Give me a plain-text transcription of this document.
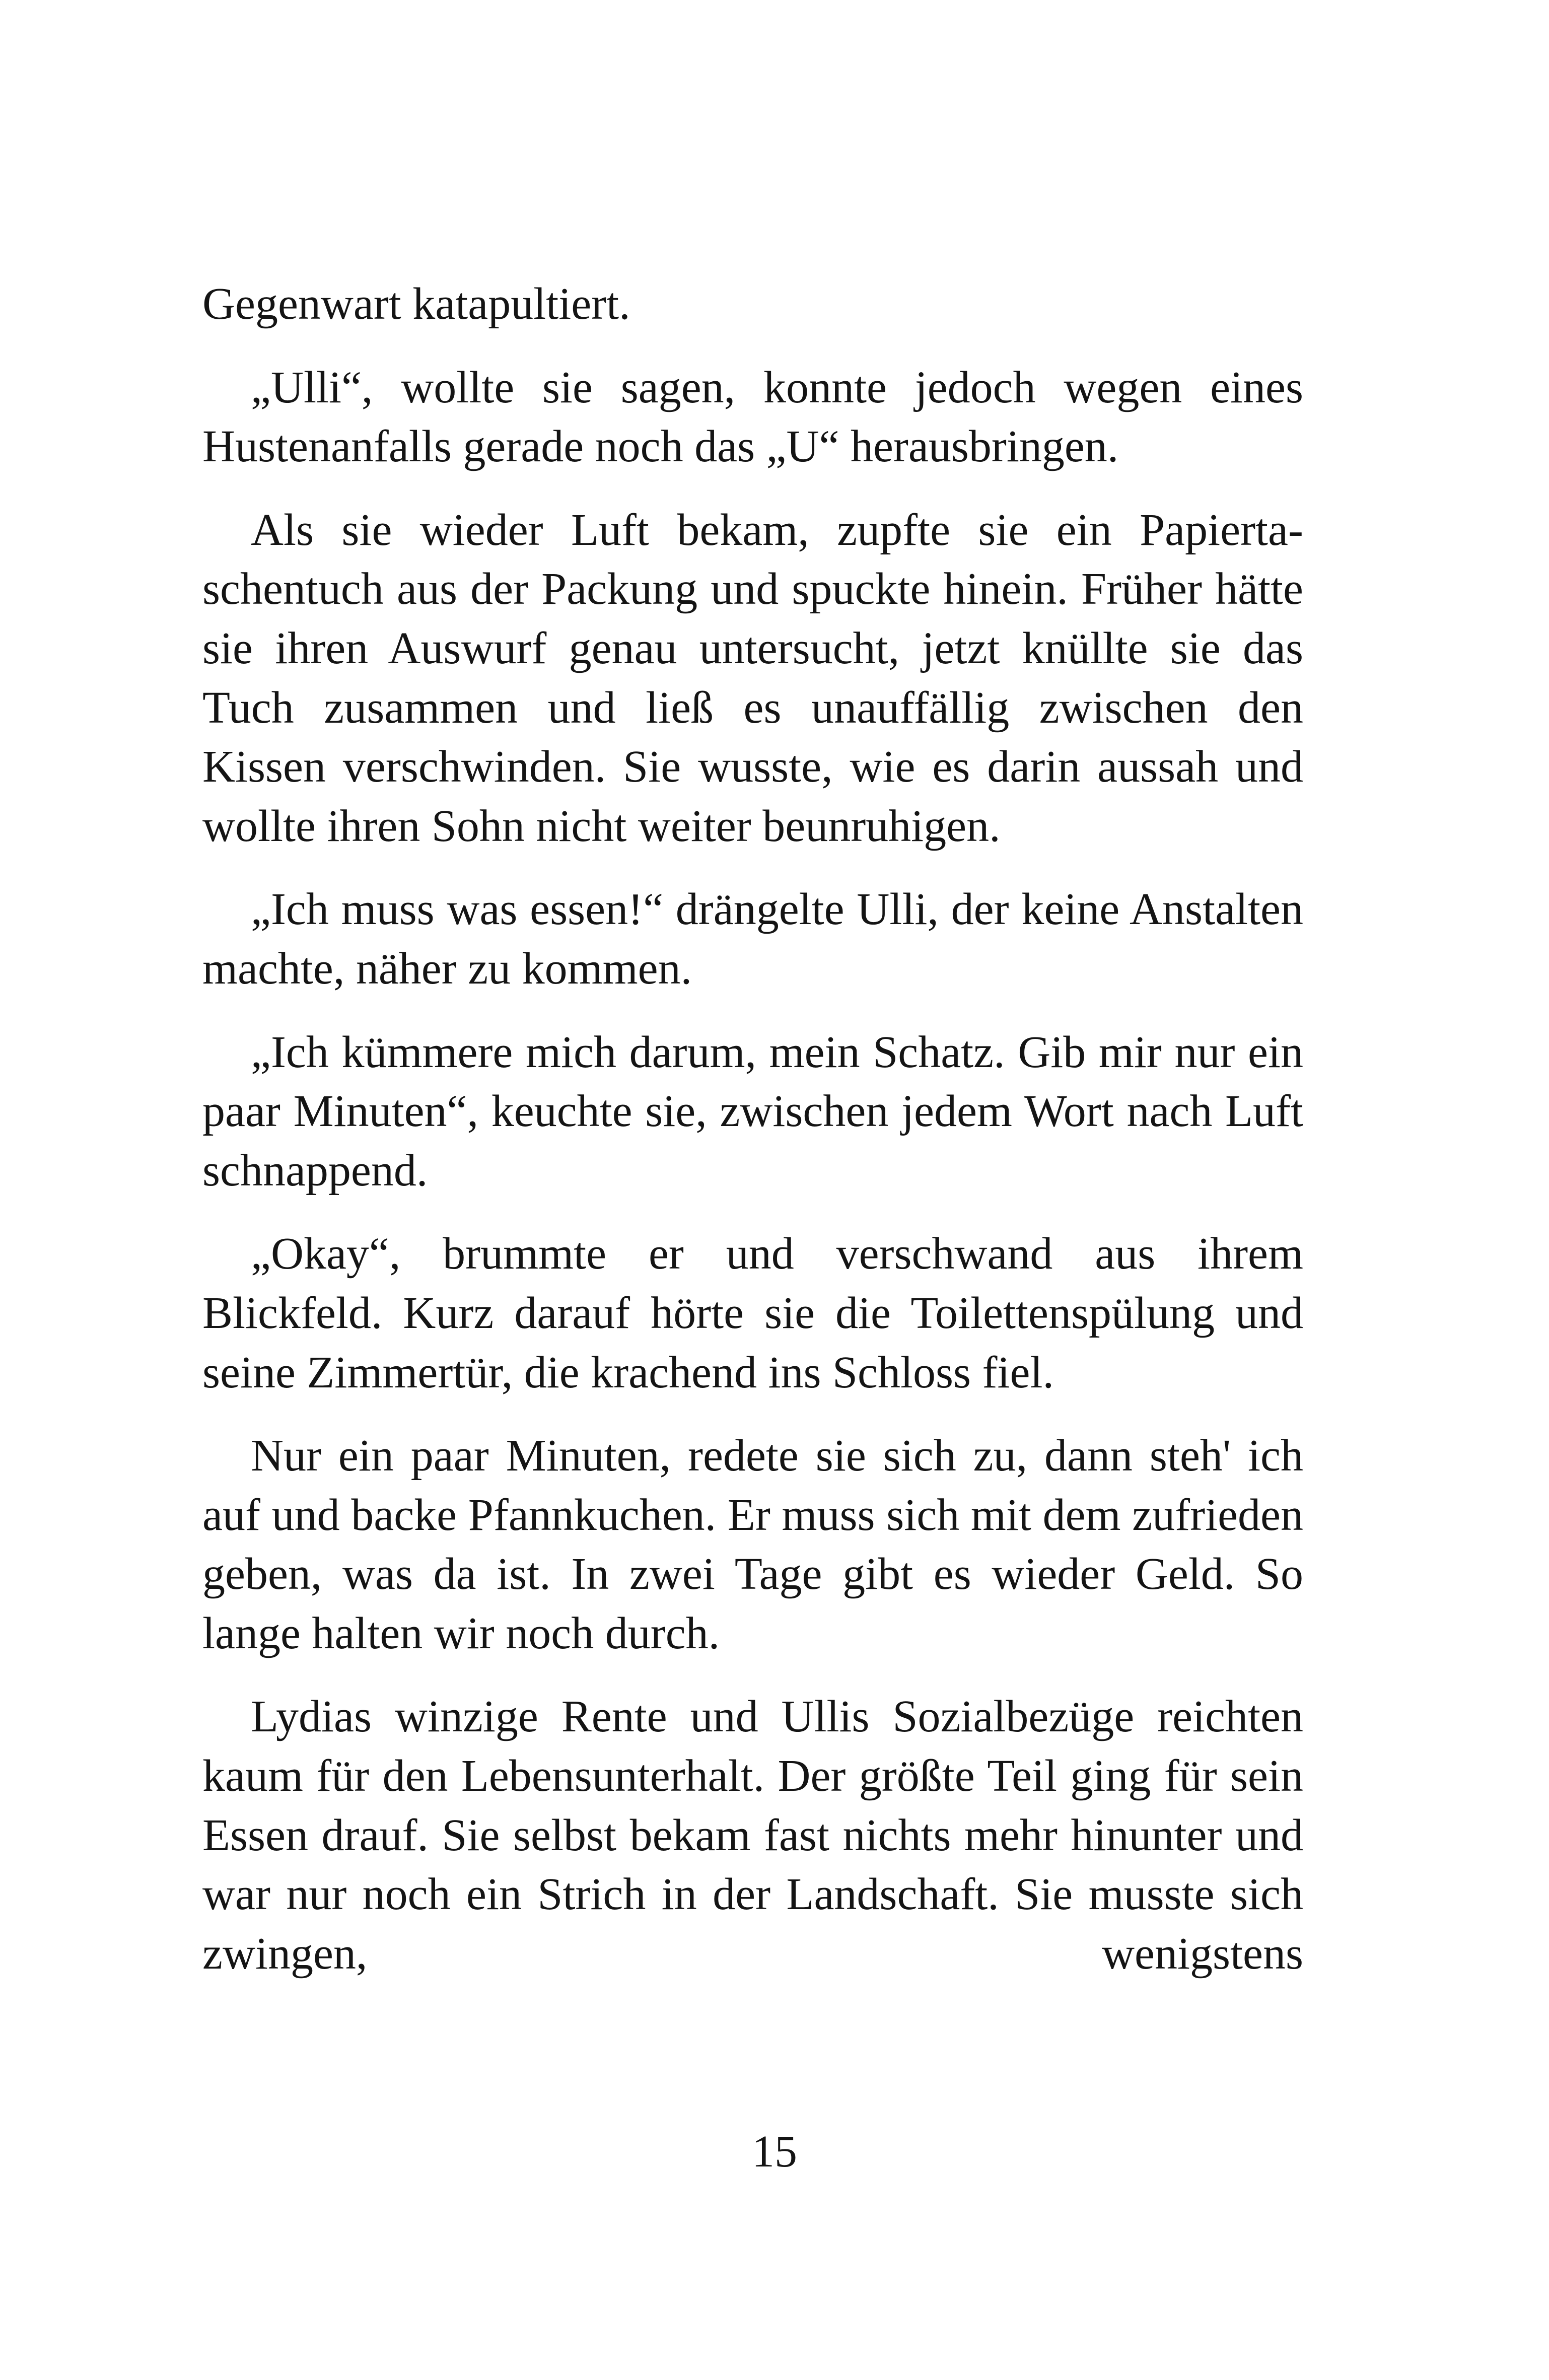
Gegenwart katapultiert.

„Ulli“, wollte sie sagen, konnte jedoch wegen eines Hustenanfalls gerade noch das „U“ herausbringen.

Als sie wieder Luft bekam, zupfte sie ein Papiertaschentuch aus der Packung und spuckte hinein. Früher hätte sie ihren Auswurf genau untersucht, jetzt knüllte sie das Tuch zusammen und ließ es unauffällig zwischen den Kissen verschwinden. Sie wusste, wie es darin aussah und wollte ihren Sohn nicht weiter beunruhigen.

„Ich muss was essen!“ drängelte Ulli, der keine Anstalten machte, näher zu kommen.

„Ich kümmere mich darum, mein Schatz. Gib mir nur ein paar Minuten“, keuchte sie, zwischen jedem Wort nach Luft schnappend.

„Okay“, brummte er und verschwand aus ihrem Blickfeld. Kurz darauf hörte sie die Toilettenspülung und seine Zimmertür, die krachend ins Schloss fiel.

Nur ein paar Minuten, redete sie sich zu, dann steh' ich auf und backe Pfannkuchen. Er muss sich mit dem zufrieden geben, was da ist. In zwei Tage gibt es wieder Geld. So lange halten wir noch durch.

Lydias winzige Rente und Ullis Sozialbezüge reichten kaum für den Lebensunterhalt. Der größte Teil ging für sein Essen drauf. Sie selbst bekam fast nichts mehr hinunter und war nur noch ein Strich in der Landschaft. Sie musste sich zwingen, wenigstens

15
